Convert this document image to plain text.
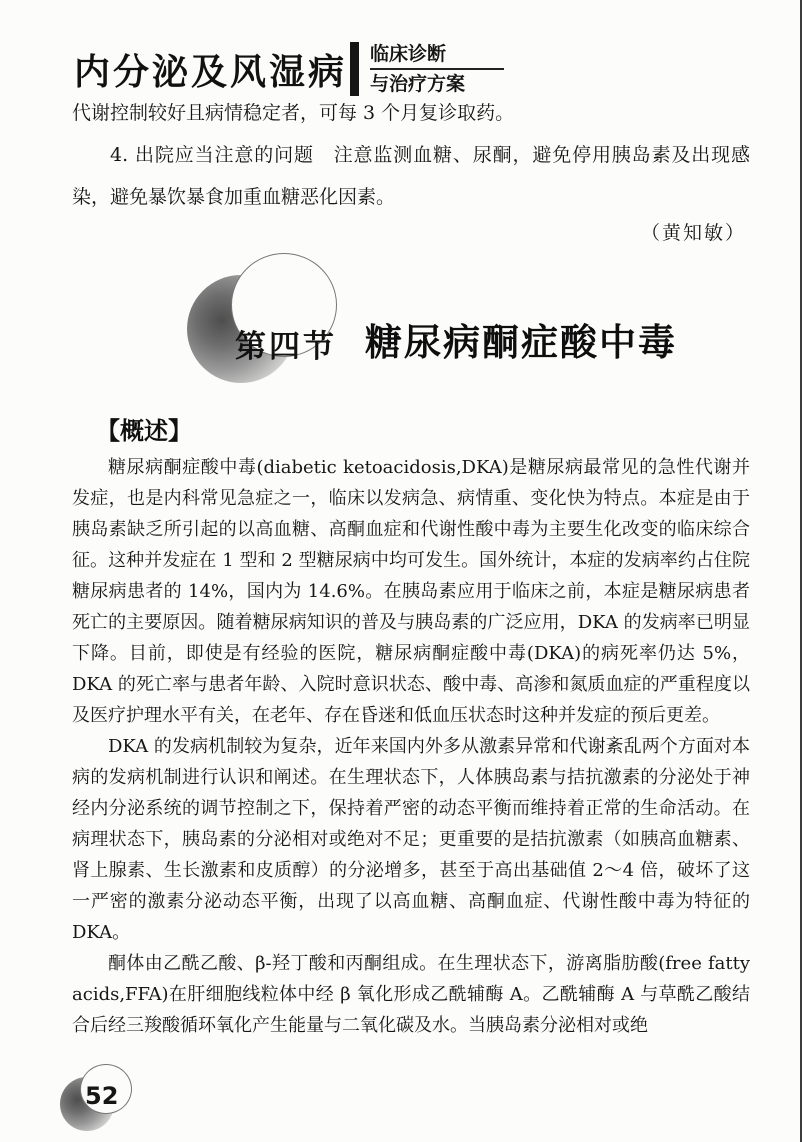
内分泌及风湿病 临床诊断
与治疗方案

代谢控制较好且病情稳定者，可每 3 个月复诊取药。

4. 出院应当注意的问题　注意监测血糖、尿酮，避免停用胰岛素及出现感染，避免暴饮暴食加重血糖恶化因素。

（黄知敏）
第四节 糖尿病酮症酸中毒
【概述】

糖尿病酮症酸中毒(diabetic ketoacidosis,DKA)是糖尿病最常见的急性代谢并发症，也是内科常见急症之一，临床以发病急、病情重、变化快为特点。本症是由于胰岛素缺乏所引起的以高血糖、高酮血症和代谢性酸中毒为主要生化改变的临床综合征。这种并发症在 1 型和 2 型糖尿病中均可发生。国外统计，本症的发病率约占住院糖尿病患者的 14%，国内为 14.6%。在胰岛素应用于临床之前，本症是糖尿病患者死亡的主要原因。随着糖尿病知识的普及与胰岛素的广泛应用，DKA 的发病率已明显下降。目前，即使是有经验的医院，糖尿病酮症酸中毒(DKA)的病死率仍达 5%，DKA 的死亡率与患者年龄、入院时意识状态、酸中毒、高渗和氮质血症的严重程度以及医疗护理水平有关，在老年、存在昏迷和低血压状态时这种并发症的预后更差。

DKA 的发病机制较为复杂，近年来国内外多从激素异常和代谢紊乱两个方面对本病的发病机制进行认识和阐述。在生理状态下，人体胰岛素与拮抗激素的分泌处于神经内分泌系统的调节控制之下，保持着严密的动态平衡而维持着正常的生命活动。在病理状态下，胰岛素的分泌相对或绝对不足；更重要的是拮抗激素（如胰高血糖素、肾上腺素、生长激素和皮质醇）的分泌增多，甚至于高出基础值 2～4 倍，破坏了这一严密的激素分泌动态平衡，出现了以高血糖、高酮血症、代谢性酸中毒为特征的 DKA。

酮体由乙酰乙酸、β-羟丁酸和丙酮组成。在生理状态下，游离脂肪酸(free fatty acids,FFA)在肝细胞线粒体中经 β 氧化形成乙酰辅酶 A。乙酰辅酶 A 与草酰乙酸结合后经三羧酸循环氧化产生能量与二氧化碳及水。当胰岛素分泌相对或绝

52
